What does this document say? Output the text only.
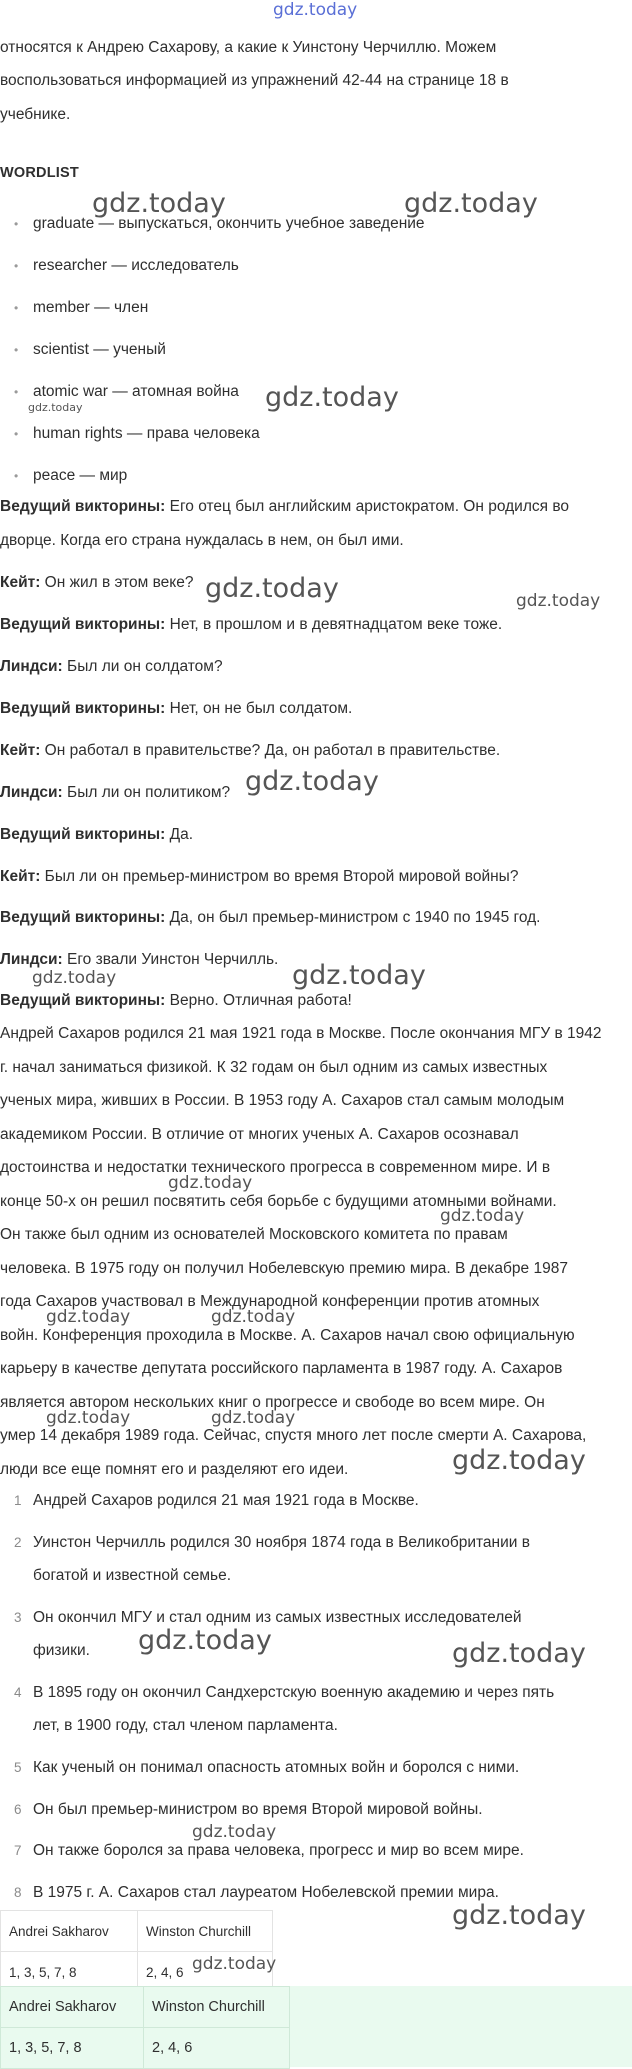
gdz.today

относятся к Андрею Сахарову, а какие к Уинстону Черчиллю. Можем

воспользоваться информацией из упражнений 42-44 на странице 18 в

учебнике.

WORDLIST

• graduate — выпускаться, окончить учебное заведение
• researcher — исследователь
• member — член
• scientist — ученый
• atomic war — атомная война
• human rights — права человека
• peace — мир
Ведущий викторины: Его отец был английским аристократом. Он родился во
дворце. Когда его страна нуждалась в нем, он был ими.
Кейт: Он жил в этом веке?
Ведущий викторины: Нет, в прошлом и в девятнадцатом веке тоже.
Линдси: Был ли он солдатом?
Ведущий викторины: Нет, он не был солдатом.
Кейт: Он работал в правительстве? Да, он работал в правительстве.
Линдси: Был ли он политиком?
Ведущий викторины: Да.
Кейт: Был ли он премьер-министром во время Второй мировой войны?
Ведущий викторины: Да, он был премьер-министром с 1940 по 1945 год.
Линдси: Его звали Уинстон Черчилль.
Ведущий викторины: Верно. Отличная работа!

Андрей Сахаров родился 21 мая 1921 года в Москве. После окончания МГУ в 1942

г. начал заниматься физикой. К 32 годам он был одним из самых известных

ученых мира, живших в России. В 1953 году А. Сахаров стал самым молодым

академиком России. В отличие от многих ученых А. Сахаров осознавал

достоинства и недостатки технического прогресса в современном мире. И в

конце 50-х он решил посвятить себя борьбе с будущими атомными войнами.

Он также был одним из основателей Московского комитета по правам

человека. В 1975 году он получил Нобелевскую премию мира. В декабре 1987

года Сахаров участвовал в Международной конференции против атомных

войн. Конференция проходила в Москве. А. Сахаров начал свою официальную

карьеру в качестве депутата российского парламента в 1987 году. А. Сахаров

является автором нескольких книг о прогрессе и свободе во всем мире. Он

умер 14 декабря 1989 года. Сейчас, спустя много лет после смерти А. Сахарова,

люди все еще помнят его и разделяют его идеи.

1 Андрей Сахаров родился 21 мая 1921 года в Москве.
2 Уинстон Черчилль родился 30 ноября 1874 года в Великобритании в
богатой и известной семье.
3 Он окончил МГУ и стал одним из самых известных исследователей
физики.
4 В 1895 году он окончил Сандхерстскую военную академию и через пять
лет, в 1900 году, стал членом парламента.
5 Как ученый он понимал опасность атомных войн и боролся с ними.
6 Он был премьер-министром во время Второй мировой войны.
7 Он также боролся за права человека, прогресс и мир во всем мире.
8 В 1975 г. А. Сахаров стал лауреатом Нобелевской премии мира.
Andrei Sakharov	Winston Churchill
1, 3, 5, 7, 8	2, 4, 6
Andrei Sakharov	Winston Churchill
1, 3, 5, 7, 8	2, 4, 6
gdz.today	gdz.today
gdz.today
gdz.today
gdz.today	gdz.today
gdz.today
gdz.today	gdz.today
gdz.today
gdz.today
gdz.today	gdz.today
gdz.today	gdz.today
gdz.today
gdz.today	gdz.today
gdz.today
gdz.today
gdz.today
